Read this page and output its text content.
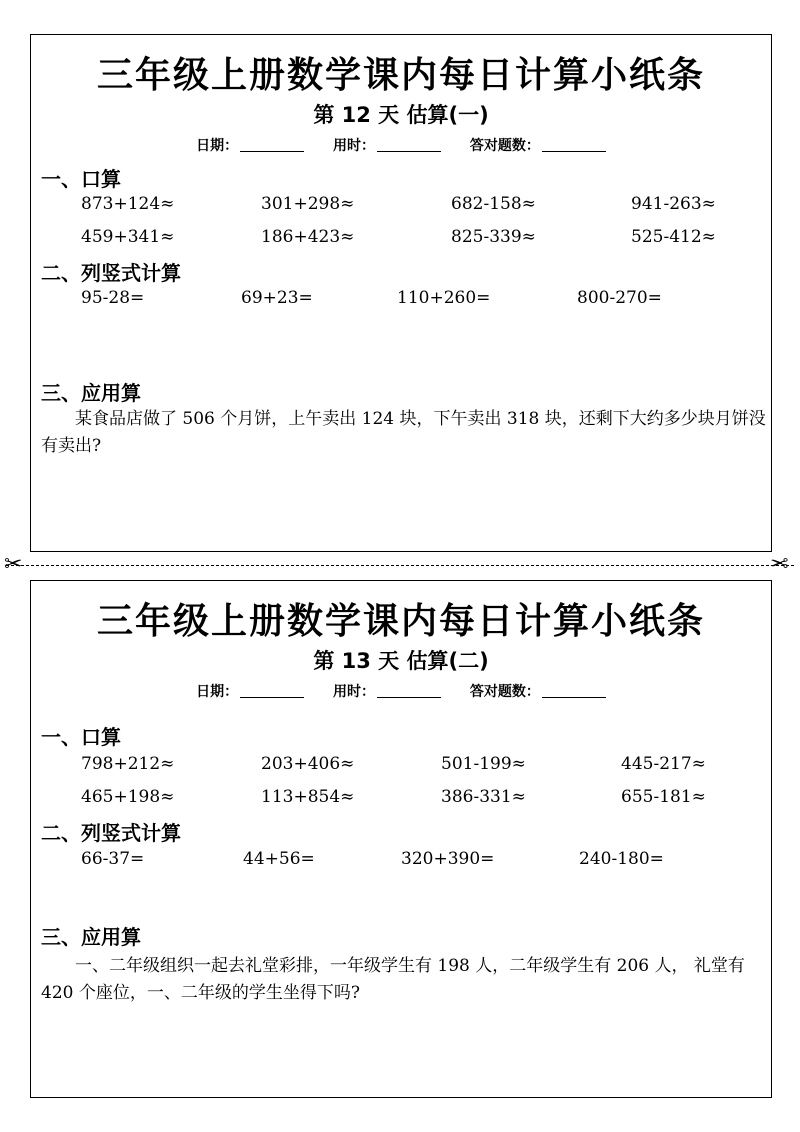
三年级上册数学课内每日计算小纸条
第 12 天 估算(一)
日期：	用时：	答对题数：
一、口算
873+124≈	301+298≈	682-158≈	941-263≈
459+341≈	186+423≈	825-339≈	525-412≈
二、列竖式计算
95-28=	69+23=	110+260=	800-270=
三、应用算
某食品店做了 506 个月饼，上午卖出 124 块，下午卖出 318 块，还剩下大约多少块月饼没有卖出?
✂	✂
三年级上册数学课内每日计算小纸条
第 13 天 估算(二)
日期：	用时：	答对题数：
一、口算
798+212≈	203+406≈	501-199≈	445-217≈
465+198≈	113+854≈	386-331≈	655-181≈
二、列竖式计算
66-37=	44+56=	320+390=	240-180=
三、应用算
一、二年级组织一起去礼堂彩排，一年级学生有 198 人，二年级学生有 206 人， 礼堂有 420 个座位，一、二年级的学生坐得下吗?
